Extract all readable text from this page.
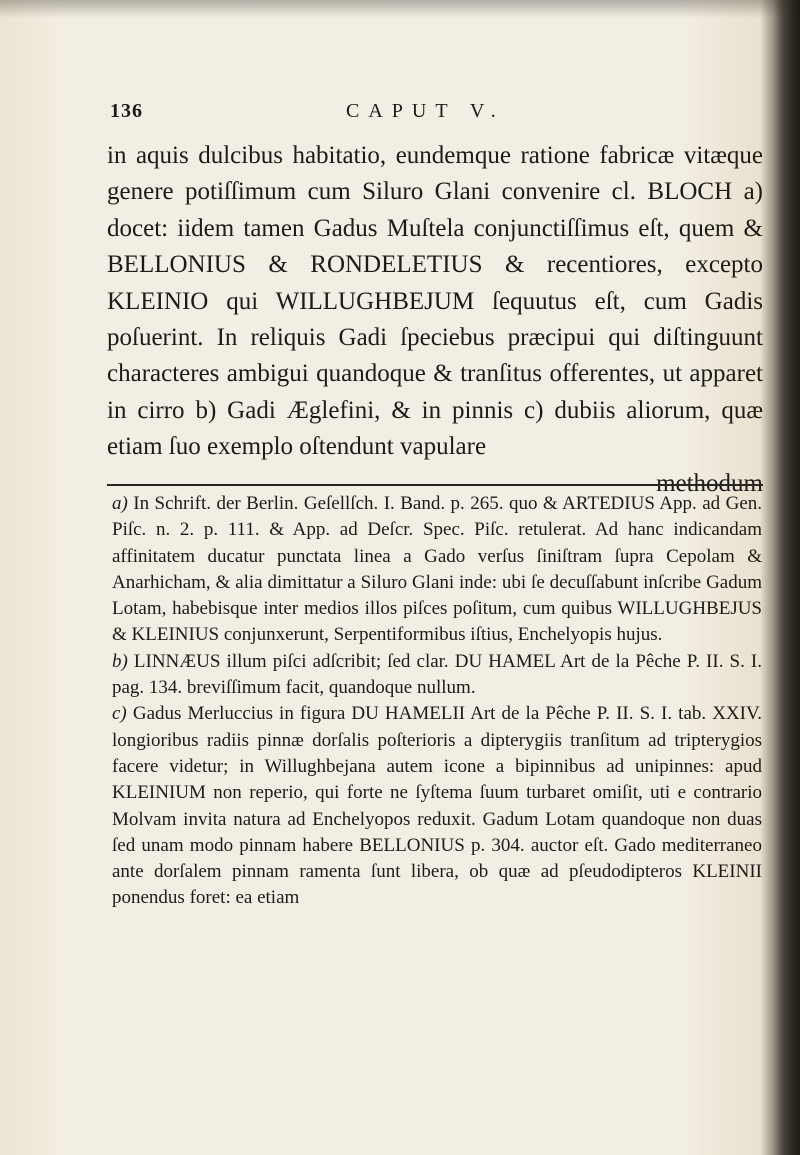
136	CAPUT V.

in aquis dulcibus habitatio, eundemque ratione fabricæ vitæque genere potiſſimum cum Siluro Glani convenire cl. BLOCH a) docet: iidem tamen Gadus Muſtela conjunctiſſimus eſt, quem & BELLONIUS & RONDELETIUS & recentiores, excepto KLEINIO qui WILLUGHBEJUM ſequutus eſt, cum Gadis poſuerint. In reliquis Gadi ſpeciebus præcipui qui diſtinguunt characteres ambigui quandoque & tranſitus offerentes, ut apparet in cirro b) Gadi Æglefini, & in pinnis c) dubiis aliorum, quæ etiam ſuo exemplo oſtendunt vapulare

methodum

a) In Schrift. der Berlin. Geſellſch. I. Band. p. 265. quo & ARTEDIUS App. ad Gen. Piſc. n. 2. p. 111. & App. ad Deſcr. Spec. Piſc. retulerat. Ad hanc indicandam affinitatem ducatur punctata linea a Gado verſus ſiniſtram ſupra Cepolam & Anarhicham, & alia dimittatur a Siluro Glani inde: ubi ſe decuſſabunt inſcribe Gadum Lotam, habebisque inter medios illos piſces poſitum, cum quibus WILLUGHBEJUS & KLEINIUS conjunxerunt, Serpentiformibus iſtius, Enchelyopis hujus.

b) LINNÆUS illum piſci adſcribit; ſed clar. DU HAMEL Art de la Pêche P. II. S. I. pag. 134. breviſſimum facit, quandoque nullum.

c) Gadus Merluccius in figura DU HAMELII Art de la Pêche P. II. S. I. tab. XXIV. longioribus radiis pinnæ dorſalis poſterioris a dipterygiis tranſitum ad tripterygios facere videtur; in Willughbejana autem icone a bipinnibus ad unipinnes: apud KLEINIUM non reperio, qui forte ne ſyſtema ſuum turbaret omiſit, uti e contrario Molvam invita natura ad Enchelyopos reduxit. Gadum Lotam quandoque non duas ſed unam modo pinnam habere BELLONIUS p. 304. auctor eſt. Gado mediterraneo ante dorſalem pinnam ramenta ſunt libera, ob quæ ad pſeudodipteros KLEINII ponendus foret: ea etiam
